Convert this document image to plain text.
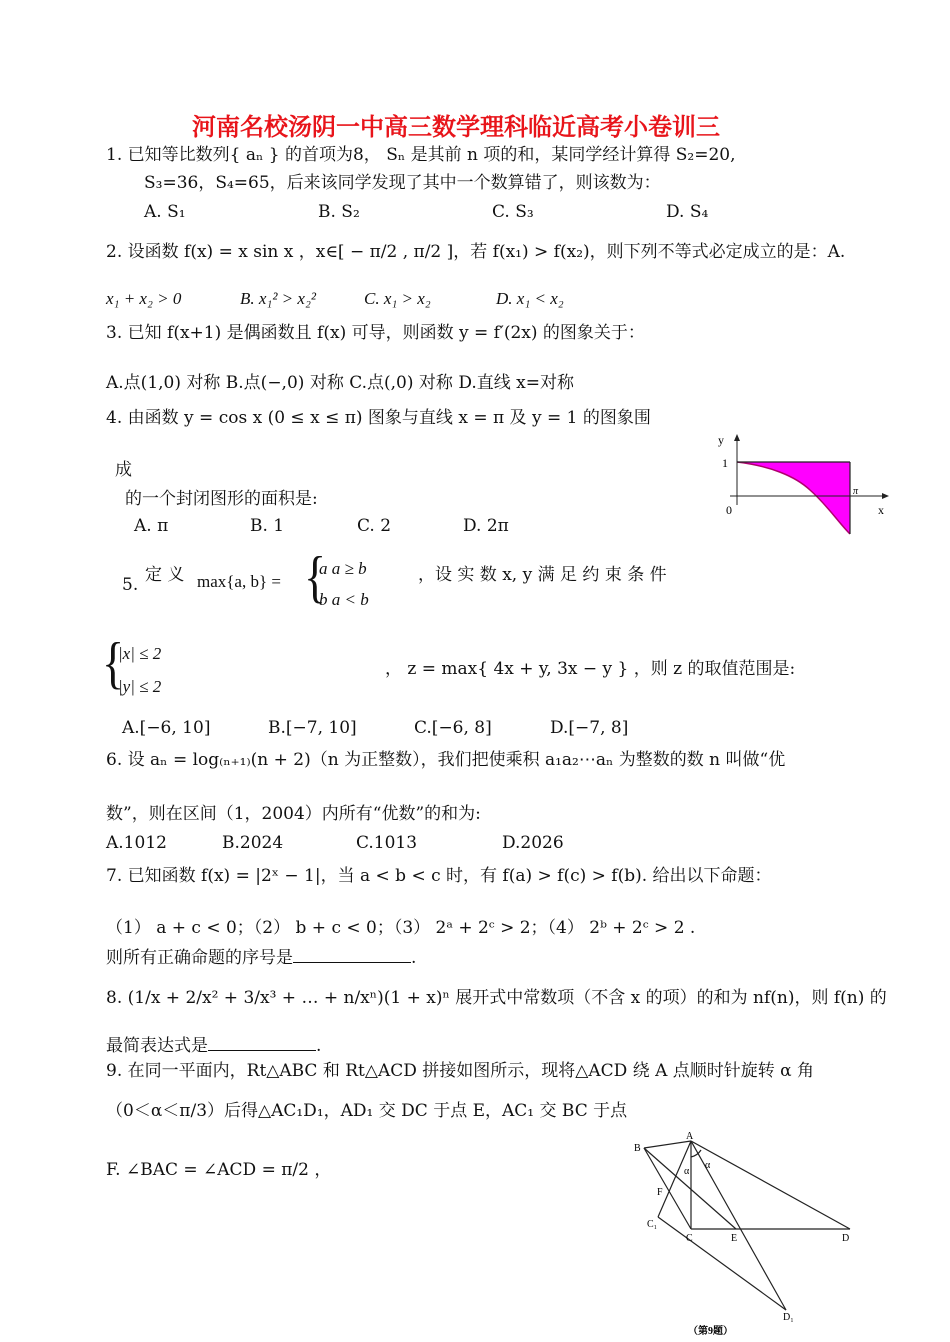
河南名校汤阴一中高三数学理科临近高考小卷训三
1. 已知等比数列{ aₙ } 的首项为8， Sₙ 是其前 n 项的和，某同学经计算得 S₂=20,
S₃=36，S₄=65，后来该同学发现了其中一个数算错了，则该数为：
A. S₁	B. S₂	C. S₃	D. S₄
2. 设函数 f(x) = x sin x ，x∈[ − π/2 , π/2 ]，若 f(x₁) > f(x₂)，则下列不等式必定成立的是：A.
x₁ + x₂ > 0	B. x₁² > x₂²	C. x₁ > x₂	D. x₁ < x₂
3. 已知 f(x+1) 是偶函数且 f(x) 可导，则函数 y = f′(2x) 的图象关于：
A.点(1,0) 对称 B.点(−,0) 对称 C.点(,0) 对称 D.直线 x=对称
4. 由函数 y = cos x (0 ≤ x ≤ π) 图象与直线 x = π 及 y = 1 的图象围
成
的一个封闭图形的面积是:
A. π	B. 1	C. 2	D. 2π
y
1
0
π
x
5. 定 义 max{a, b} = {
a a ≥ b
b a < b
，设 实 数 x, y 满 足 约 束 条 件
{
|x| ≤ 2
|y| ≤ 2
， z = max{ 4x + y, 3x − y } ，则 z 的取值范围是:
A.[−6, 10]	B.[−7, 10]	C.[−6, 8]	D.[−7, 8]
6. 设 aₙ = log₍ₙ₊₁₎(n + 2)（n 为正整数），我们把使乘积 a₁a₂⋯aₙ 为整数的数 n 叫做“优
数”，则在区间（1，2004）内所有“优数”的和为:
A.1012	B.2024	C.1013	D.2026
7. 已知函数 f(x) = |2ˣ − 1|，当 a < b < c 时，有 f(a) > f(c) > f(b). 给出以下命题：
（1） a + c < 0；（2） b + c < 0；（3） 2ᵃ + 2ᶜ > 2；（4） 2ᵇ + 2ᶜ > 2 .
则所有正确命题的序号是	.
8. (1/x + 2/x² + 3/x³ + … + n/xⁿ)(1 + x)ⁿ 展开式中常数项（不含 x 的项）的和为 nf(n)，则 f(n) 的
最简表达式是	.
9. 在同一平面内，Rt△ABC 和 Rt△ACD 拼接如图所示，现将△ACD 绕 A 点顺时针旋转 α 角
（0＜α＜π/3）后得△AC₁D₁，AD₁ 交 DC 于点 E，AC₁ 交 BC 于点
F. ∠BAC = ∠ACD = π/2 ，
A
B
C	D
E
F
C₁
D₁
α
α
（第9题）
